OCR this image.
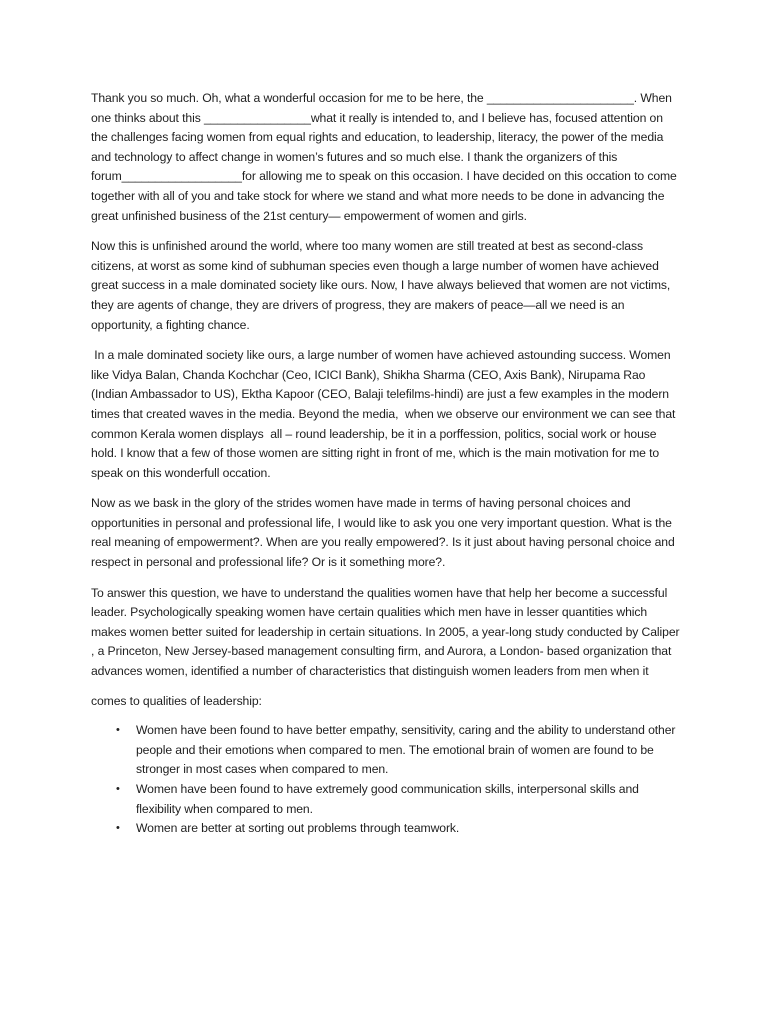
Thank you so much. Oh, what a wonderful occasion for me to be here, the ______________________. When one thinks about this ________________what it really is intended to, and I believe has, focused attention on the challenges facing women from equal rights and education, to leadership, literacy, the power of the media and technology to affect change in women’s futures and so much else. I thank the organizers of this forum__________________for allowing me to speak on this occasion. I have decided on this occation to come together with all of you and take stock for where we stand and what more needs to be done in advancing the great unfinished business of the 21st century— empowerment of women and girls.

Now this is unfinished around the world, where too many women are still treated at best as second-class citizens, at worst as some kind of subhuman species even though a large number of women have achieved great success in a male dominated society like ours. Now, I have always believed that women are not victims, they are agents of change, they are drivers of progress, they are makers of peace—all we need is an opportunity, a fighting chance.

In a male dominated society like ours, a large number of women have achieved astounding success. Women like Vidya Balan, Chanda Kochchar (Ceo, ICICI Bank), Shikha Sharma (CEO, Axis Bank), Nirupama Rao (Indian Ambassador to US), Ektha Kapoor (CEO, Balaji telefilms-hindi) are just a few examples in the modern times that created waves in the media. Beyond the media,  when we observe our environment we can see that common Kerala women displays  all – round leadership, be it in a porffession, politics, social work or house hold. I know that a few of those women are sitting right in front of me, which is the main motivation for me to speak on this wonderfull occation.

Now as we bask in the glory of the strides women have made in terms of having personal choices and opportunities in personal and professional life, I would like to ask you one very important question. What is the real meaning of empowerment?. When are you really empowered?. Is it just about having personal choice and respect in personal and professional life? Or is it something more?.

To answer this question, we have to understand the qualities women have that help her become a successful leader. Psychologically speaking women have certain qualities which men have in lesser quantities which makes women better suited for leadership in certain situations. In 2005, a year-long study conducted by Caliper , a Princeton, New Jersey-based management consulting firm, and Aurora, a London- based organization that advances women, identified a number of characteristics that distinguish women leaders from men when it

comes to qualities of leadership:

• Women have been found to have better empathy, sensitivity, caring and the ability to understand other people and their emotions when compared to men. The emotional brain of women are found to be stronger in most cases when compared to men.
• Women have been found to have extremely good communication skills, interpersonal skills and flexibility when compared to men.
• Women are better at sorting out problems through teamwork.
